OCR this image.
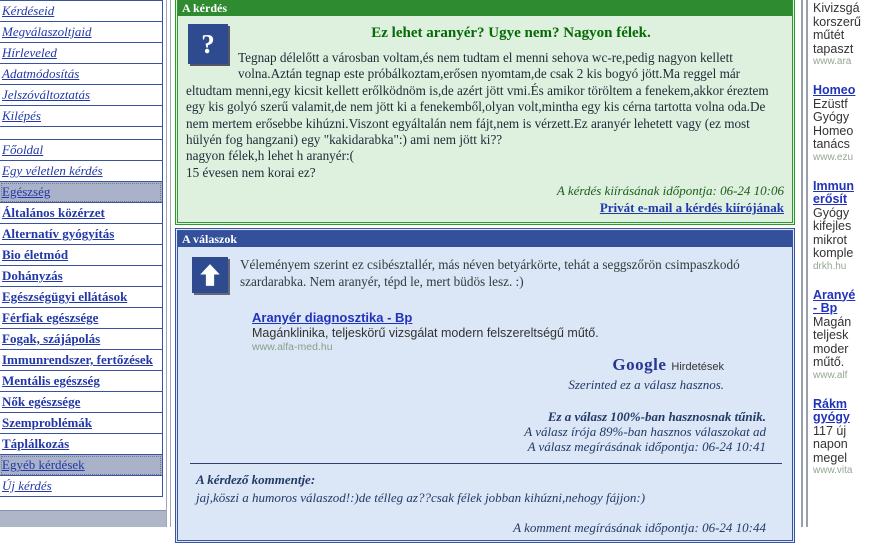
Kérdéseid
Megválaszoltjaid
Hírleveled
Adatmódosítás
Jelszóváltoztatás
Kilépés
Főoldal
Egy véletlen kérdés
Egészség
Általános közérzet
Alternatív gyógyítás
Bio életmód
Dohányzás
Egészségügyi ellátások
Férfiak egészsége
Fogak, szájápolás
Immunrendszer, fertőzések
Mentális egészség
Nők egészsége
Szemproblémák
Táplálkozás
Egyéb kérdések
Új kérdés
A kérdés
?	Ez lehet aranyér? Ugye nem? Nagyon félek.
Tegnap délelőtt a városban voltam,és nem tudtam el menni sehova wc-re,pedig nagyon kellett volna.Aztán tegnap este próbálkoztam,erősen nyomtam,de csak 2 kis bogyó jött.Ma reggel már eltudtam menni,egy kicsit kellett erőlködnöm is,de azért jött vmi.És amikor töröltem a fenekem,akkor éreztem egy kis golyó szerű valamit,de nem jött ki a fenekemből,olyan volt,mintha egy kis cérna tartotta volna oda.De nem mertem erősebbe kihúzni.Viszont egyáltalán nem fájt,nem is vérzett.Ez aranyér lehetett vagy (ez most hülyén fog hangzani) egy "kakidarabka":) ami nem jött ki??
nagyon félek,h lehet h aranyér:(
15 évesen nem korai ez?
A kérdés kiírásának időpontja: 06-24 10:06
Privát e-mail a kérdés kiírójának
A válaszok
Véleményem szerint ez csibésztallér, más néven betyárkörte, tehát a seggszőrön csimpaszkodó szardarabka. Nem aranyér, tépd le, mert büdös lesz. :)
Aranyér diagnosztika - Bp
Magánklinika, teljeskörű vizsgálat modern felszereltségű műtő.
www.alfa-med.hu
Google Hirdetések
Szerinted ez a válasz hasznos.
Ez a válasz 100%-ban hasznosnak tűnik.
A válasz írója 89%-ban hasznos válaszokat ad
A válasz megírásának időpontja: 06-24 10:41
A kérdező kommentje:
jaj,köszi a humoros válaszod!:)de télleg az??csak félek jobban kihúzni,nehogy fájjon:)
A komment megírásának időpontja: 06-24 10:44
Kivizsgá
korszerű
műtét
tapaszt
www.ara
Homeo
Ezüstf
Gyógy
Homeo
tanács
www.ezu
Immun
erősít
Gyógy
kifejles
mikrot
komple
drkh.hu
Aranyé
- Bp
Magán
teljesk
moder
műtő.
www.alf
Rákm
gyógy
117 új
napon
megel
www.vita
